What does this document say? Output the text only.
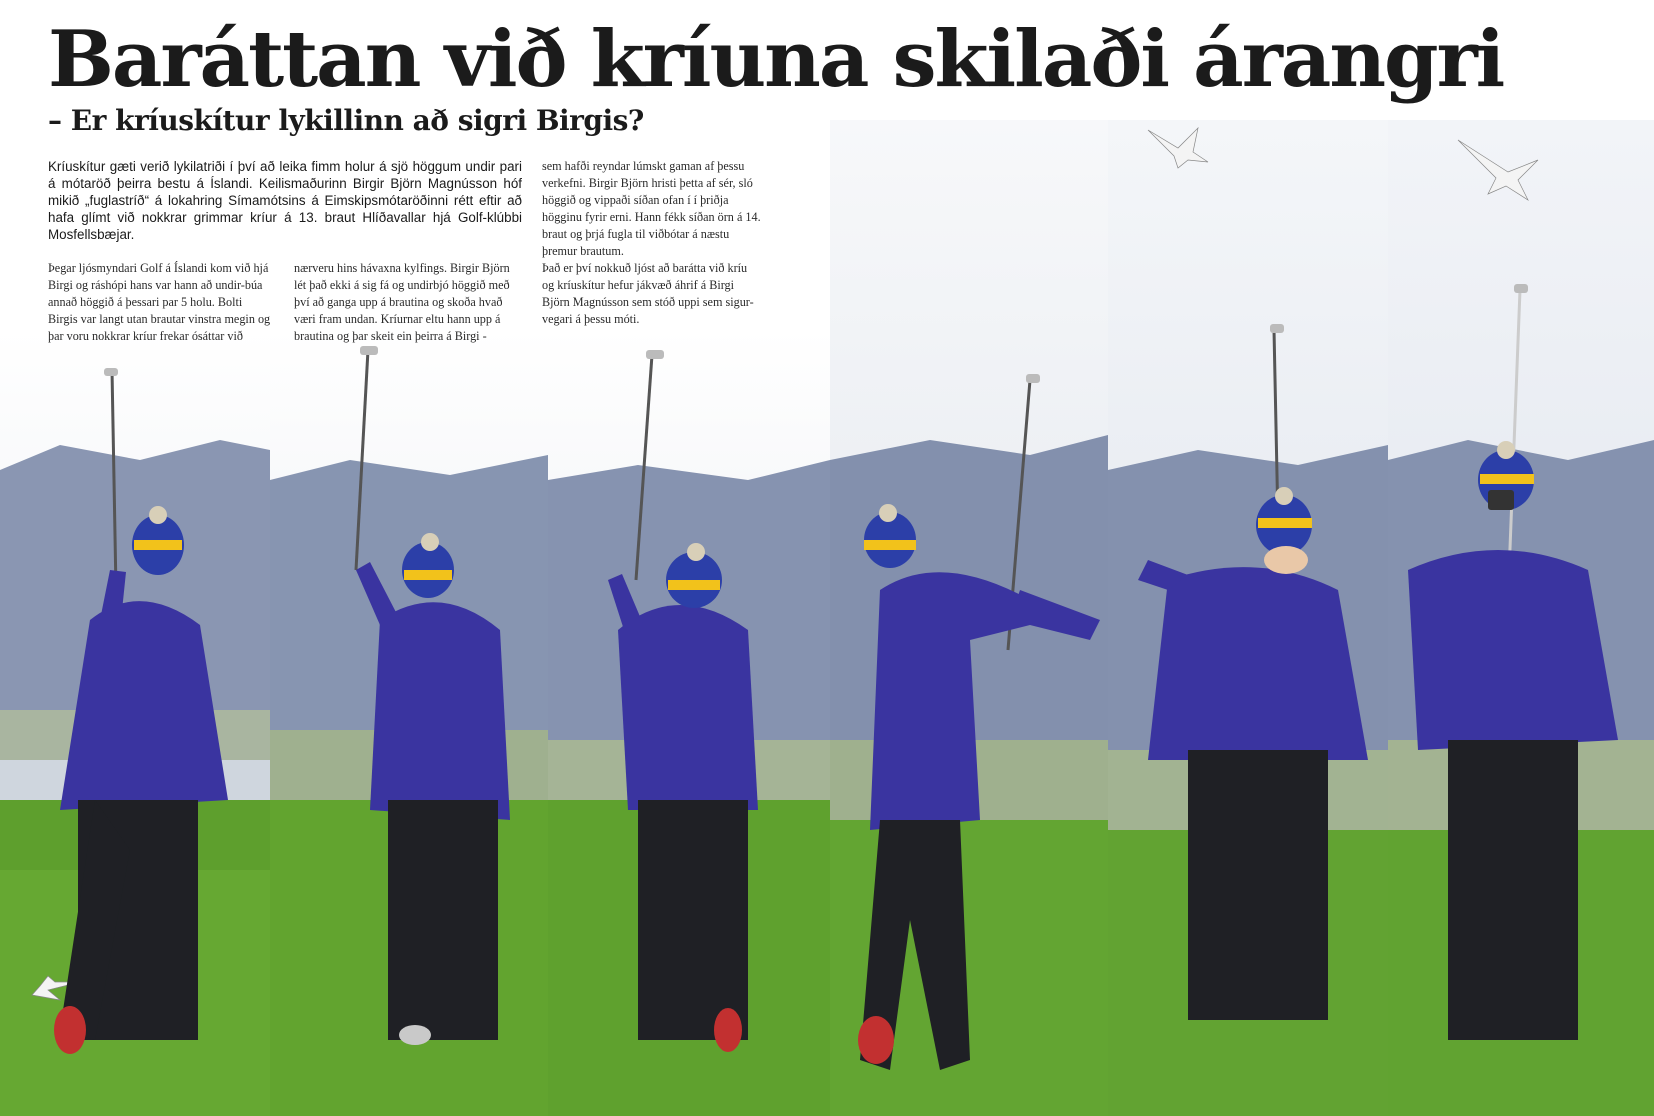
Baráttan við kríuna skilaði árangri
– Er kríuskítur lykillinn að sigri Birgis?

Kríuskítur gæti verið lykilatriði í því að leika fimm holur á sjö höggum undir pari á mótaröð þeirra bestu á Íslandi. Keilismaðurinn Birgir Björn Magnússon hóf mikið „fuglastríð“ á lokahring Símamótsins á Eimskipsmótaröðinni rétt eftir að hafa glímt við nokkrar grimmar kríur á 13. braut Hlíðavallar hjá Golf-klúbbi Mosfellsbæjar.

Þegar ljósmyndari Golf á Íslandi kom við hjá Birgi og ráshópi hans var hann að undir-búa annað höggið á þessari par 5 holu. Bolti Birgis var langt utan brautar vinstra megin og þar voru nokkrar kríur frekar ósáttar við

nærveru hins hávaxna kylfings. Birgir Björn lét það ekki á sig fá og undirbjó höggið með því að ganga upp á brautina og skoða hvað væri fram undan. Kríurnar eltu hann upp á brautina og þar skeit ein þeirra á Birgi -

sem hafði reyndar lúmskt gaman af þessu verkefni. Birgir Björn hristi þetta af sér, sló höggið og vippaði síðan ofan í í þriðja högginu fyrir erni. Hann fékk síðan örn á 14. braut og þrjá fugla til viðbótar á næstu þremur brautum.

Það er því nokkuð ljóst að barátta við kríu og kríuskítur hefur jákvæð áhrif á Birgi Björn Magnússon sem stóð uppi sem sigur-vegari á þessu móti.
